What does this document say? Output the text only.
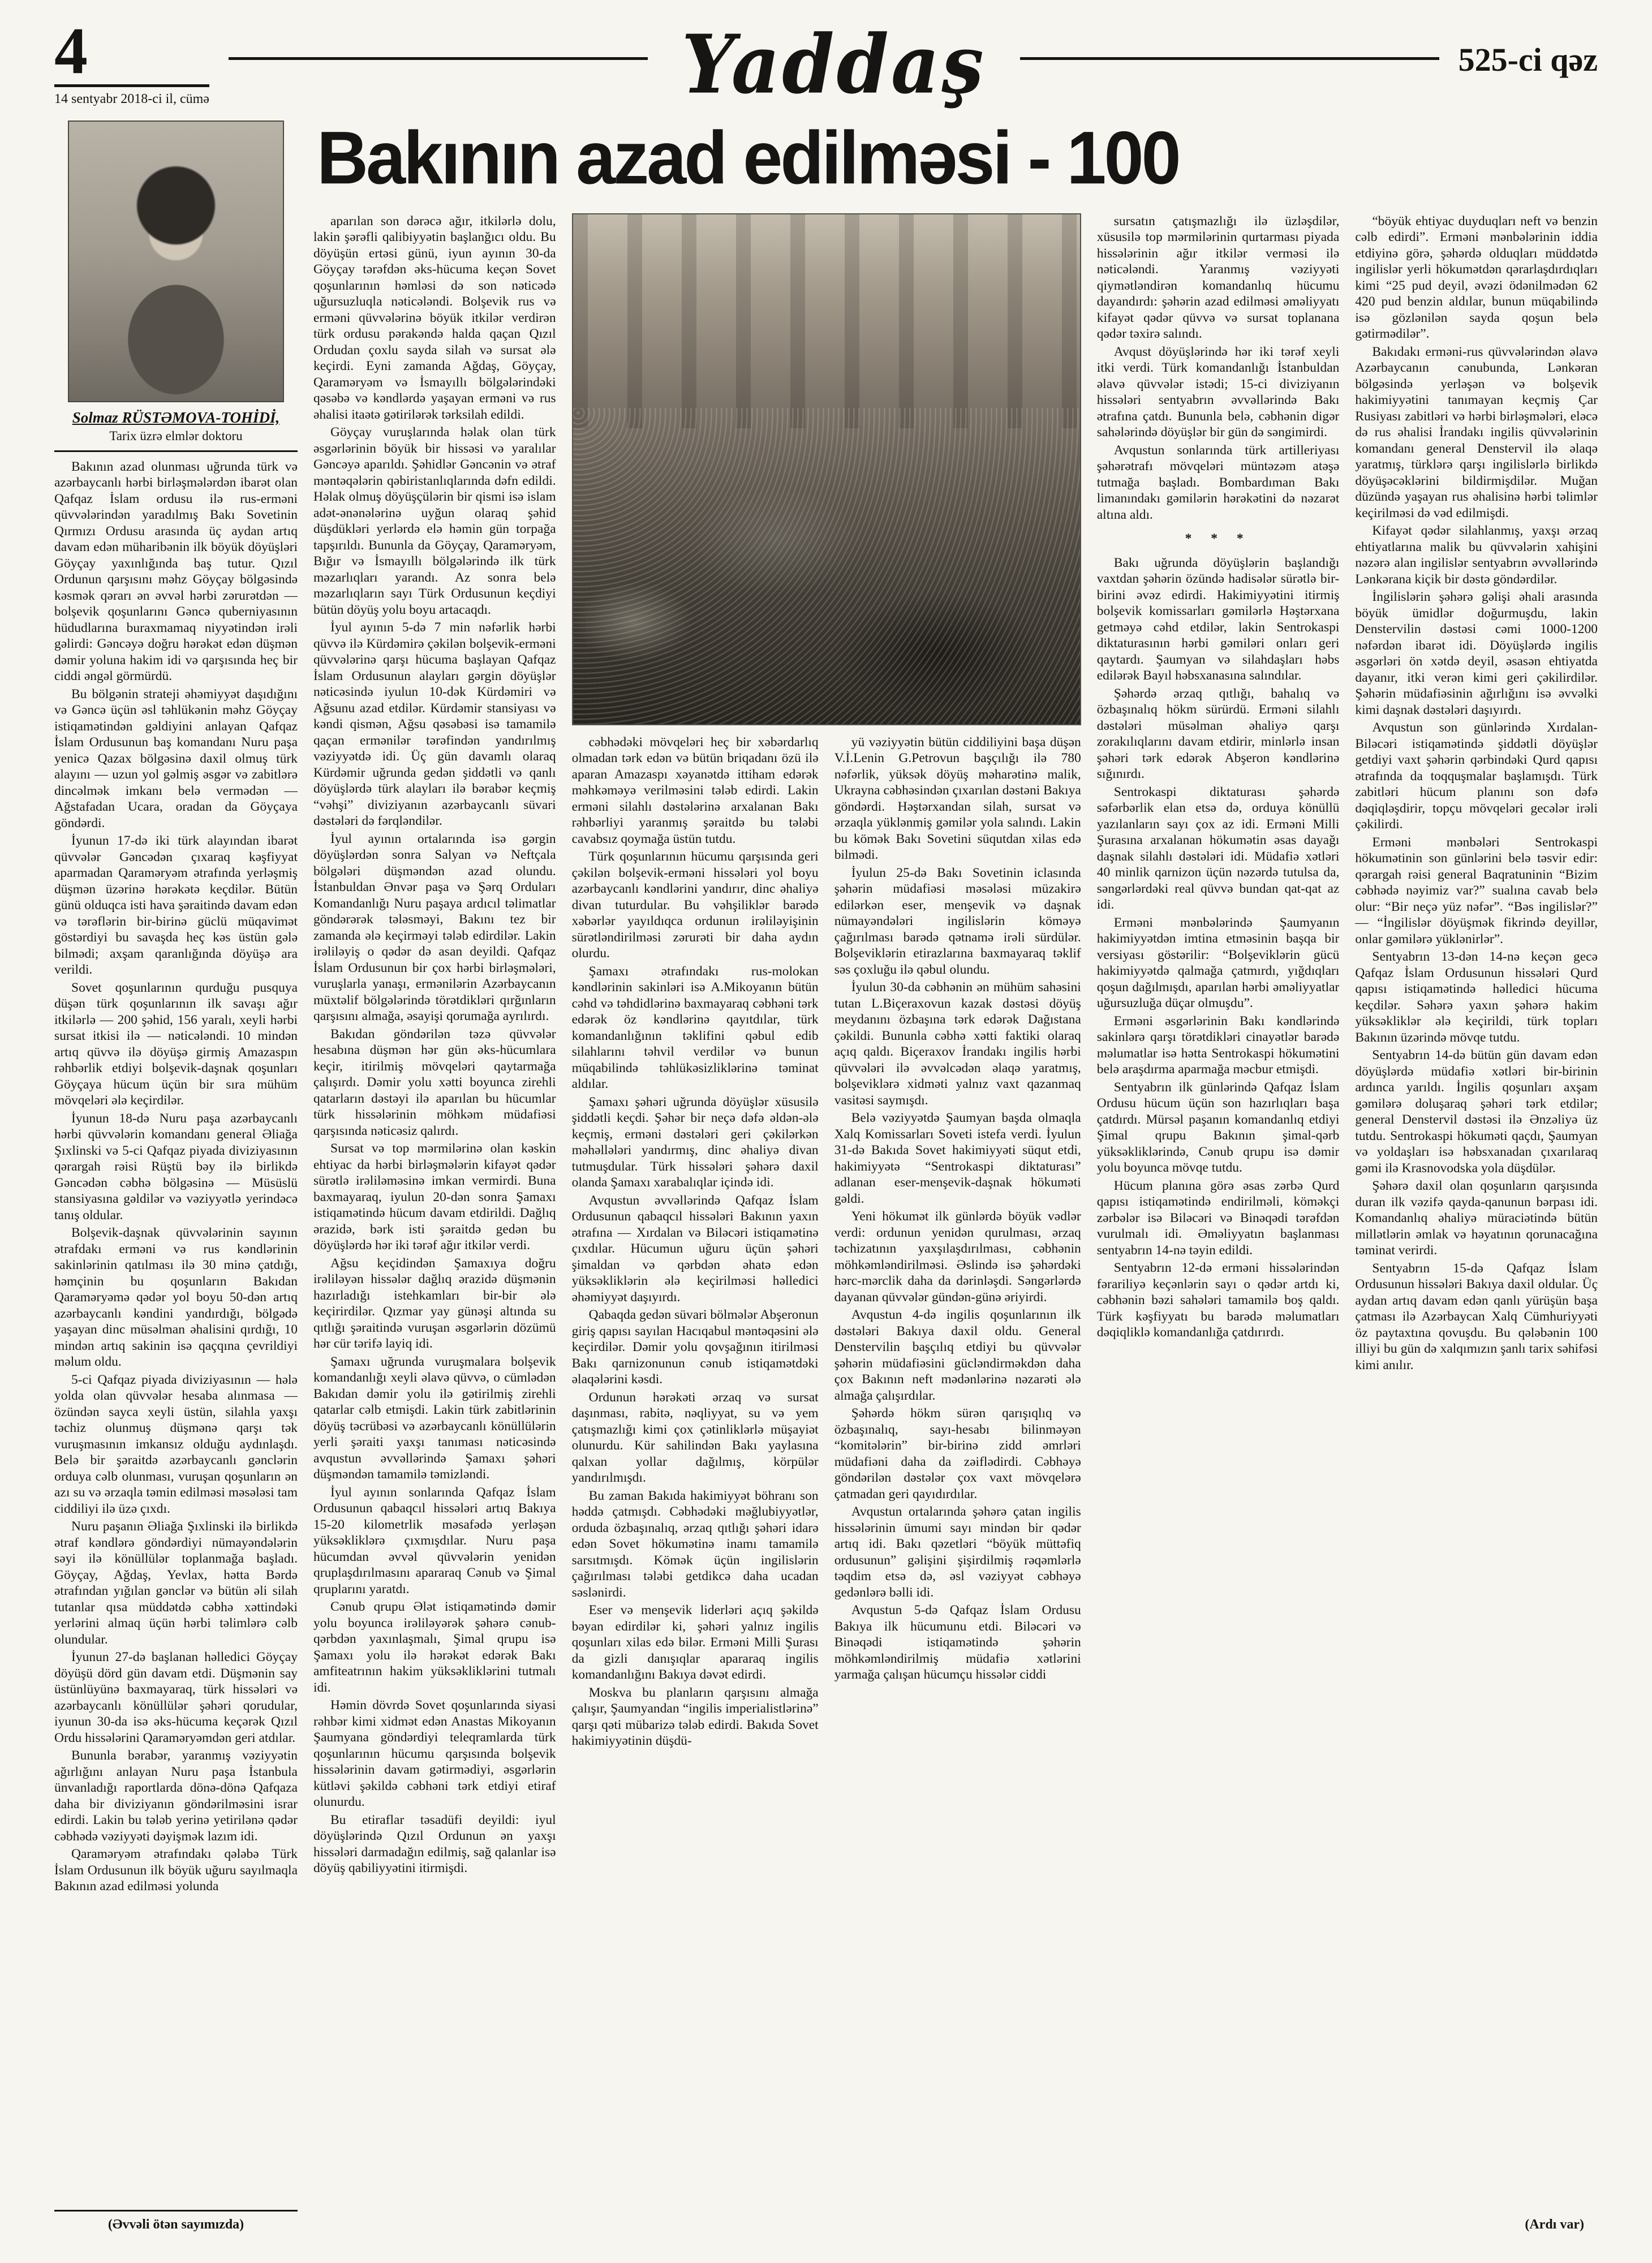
4
14 sentyabr 2018-ci il, cümə	Yaddaş	525-ci qəz
Solmaz RÜSTƏMOVA-TOHİDİ,
Tarix üzrə elmlər doktoru

Bakının azad olunması uğrunda türk və azərbaycanlı hərbi birləşmələrdən ibarət olan Qafqaz İslam ordusu ilə rus-erməni qüvvələrindən yaradılmış Bakı Sovetinin Qırmızı Ordusu arasında üç aydan artıq davam edən müharibənin ilk böyük döyüşləri Göyçay yaxınlığında baş tutur. Qızıl Ordunun qarşısını məhz Göyçay bölgəsində kəsmək qərarı ən əvvəl hərbi zərurətdən — bolşevik qoşunlarını Gəncə quberniyasının hüdudlarına buraxmamaq niyyətindən irəli gəlirdi: Gəncəyə doğru hərəkət edən düşmən dəmir yoluna hakim idi və qarşısında heç bir ciddi əngəl görmürdü.

Bu bölgənin strateji əhəmiyyət daşıdığını və Gəncə üçün əsl təhlükənin məhz Göyçay istiqamətindən gəldiyini anlayan Qafqaz İslam Ordusunun baş komandanı Nuru paşa yenicə Qazax bölgəsinə daxil olmuş türk alayını — uzun yol gəlmiş əsgər və zabitlərə dincəlmək imkanı belə vermədən — Ağstafadan Ucara, oradan da Göyçaya göndərdi.

İyunun 17-də iki türk alayından ibarət qüvvələr Gəncədən çıxaraq kəşfiyyat aparmadan Qaraməryəm ətrafında yerləşmiş düşmən üzərinə hərəkətə keçdilər. Bütün günü olduqca isti hava şəraitində davam edən və tərəflərin bir-birinə güclü müqavimət göstərdiyi bu savaşda heç kəs üstün gələ bilmədi; axşam qaranlığında döyüşə ara verildi.

Sovet qoşunlarının qurduğu pusquya düşən türk qoşunlarının ilk savaşı ağır itkilərlə — 200 şəhid, 156 yaralı, xeyli hərbi sursat itkisi ilə — nəticələndi. 10 mindən artıq qüvvə ilə döyüşə girmiş Amazaspın rəhbərlik etdiyi bolşevik-daşnak qoşunları Göyçaya hücum üçün bir sıra mühüm mövqeləri ələ keçirdilər.

İyunun 18-də Nuru paşa azərbaycanlı hərbi qüvvələrin komandanı general Əliağa Şıxlinski və 5-ci Qafqaz piyada diviziyasının qərargah rəisi Rüştü bəy ilə birlikdə Gəncədən cəbhə bölgəsinə — Müsüslü stansiyasına gəldilər və vəziyyətlə yerindəcə tanış oldular.

Bolşevik-daşnak qüvvələrinin sayının ətrafdakı erməni və rus kəndlərinin sakinlərinin qatılması ilə 30 minə çatdığı, həmçinin bu qoşunların Bakıdan Qaraməryəmə qədər yol boyu 50-dən artıq azərbaycanlı kəndini yandırdığı, bölgədə yaşayan dinc müsəlman əhalisini qırdığı, 10 mindən artıq sakinin isə qaçqına çevrildiyi məlum oldu.

5-ci Qafqaz piyada diviziyasının — hələ yolda olan qüvvələr hesaba alınmasa — özündən sayca xeyli üstün, silahla yaxşı təchiz olunmuş düşmənə qarşı tək vuruşmasının imkansız olduğu aydınlaşdı. Belə bir şəraitdə azərbaycanlı gənclərin orduya cəlb olunması, vuruşan qoşunların ən azı su və ərzaqla təmin edilməsi məsələsi tam ciddiliyi ilə üzə çıxdı.

Nuru paşanın Əliağa Şıxlinski ilə birlikdə ətraf kəndlərə göndərdiyi nümayəndələrin səyi ilə könüllülər toplanmağa başladı. Göyçay, Ağdaş, Yevlax, hətta Bərdə ətrafından yığılan gənclər və bütün əli silah tutanlar qısa müddətdə cəbhə xəttindəki yerlərini almaq üçün hərbi təlimlərə cəlb olundular.

İyunun 27-də başlanan həlledici Göyçay döyüşü dörd gün davam etdi. Düşmənin say üstünlüyünə baxmayaraq, türk hissələri və azərbaycanlı könüllülər şəhəri qorudular, iyunun 30-da isə əks-hücuma keçərək Qızıl Ordu hissələrini Qaraməryəmdən geri atdılar.

Bununla bərabər, yaranmış vəziyyətin ağırlığını anlayan Nuru paşa İstanbula ünvanladığı raportlarda dönə-dönə Qafqaza daha bir diviziyanın göndərilməsini israr edirdi. Lakin bu tələb yerinə yetirilənə qədər cəbhədə vəziyyəti dəyişmək lazım idi.

Qaraməryəm ətrafındakı qələbə Türk İslam Ordusunun ilk böyük uğuru sayılmaqla Bakının azad edilməsi yolunda

(Əvvəli ötən sayımızda)
Bakının azad edilməsi - 100

aparılan son dərəcə ağır, itkilərlə dolu, lakin şərəfli qalibiyyətin başlanğıcı oldu. Bu döyüşün ertəsi günü, iyun ayının 30-da Göyçay tərəfdən əks-hücuma keçən Sovet qoşunlarının həmləsi də son nəticədə uğursuzluqla nəticələndi. Bolşevik rus və erməni qüvvələrinə böyük itkilər verdirən türk ordusu pərakəndə halda qaçan Qızıl Ordudan çoxlu sayda silah və sursat ələ keçirdi. Eyni zamanda Ağdaş, Göyçay, Qaraməryəm və İsmayıllı bölgələrindəki qəsəbə və kəndlərdə yaşayan erməni və rus əhalisi itaətə gətirilərək tərksilah edildi.

Göyçay vuruşlarında həlak olan türk əsgərlərinin böyük bir hissəsi və yaralılar Gəncəyə aparıldı. Şəhidlər Gəncənin və ətraf məntəqələrin qəbiristanlıqlarında dəfn edildi. Həlak olmuş döyüşçülərin bir qismi isə islam adət-ənənələrinə uyğun olaraq şəhid düşdükləri yerlərdə elə həmin gün torpağa tapşırıldı. Bununla da Göyçay, Qaraməryəm, Bığır və İsmayıllı bölgələrində ilk türk məzarlıqları yarandı. Az sonra belə məzarlıqların sayı Türk Ordusunun keçdiyi bütün döyüş yolu boyu artacaqdı.

İyul ayının 5-də 7 min nəfərlik hərbi qüvvə ilə Kürdəmirə çəkilən bolşevik-erməni qüvvələrinə qarşı hücuma başlayan Qafqaz İslam Ordusunun alayları gərgin döyüşlər nəticəsində iyulun 10-dək Kürdəmiri və Ağsunu azad etdilər. Kürdəmir stansiyası və kəndi qismən, Ağsu qəsəbəsi isə tamamilə qaçan ermənilər tərəfindən yandırılmış vəziyyətdə idi. Üç gün davamlı olaraq Kürdəmir uğrunda gedən şiddətli və qanlı döyüşlərdə türk alayları ilə bərabər keçmiş “vəhşi” diviziyanın azərbaycanlı süvari dəstələri də fərqləndilər.

İyul ayının ortalarında isə gərgin döyüşlərdən sonra Salyan və Neftçala bölgələri düşməndən azad olundu. İstanbuldan Ənvər paşa və Şərq Orduları Komandanlığı Nuru paşaya ardıcıl təlimatlar göndərərək tələsməyi, Bakını tez bir zamanda ələ keçirməyi tələb edirdilər. Lakin irəliləyiş o qədər də asan deyildi. Qafqaz İslam Ordusunun bir çox hərbi birləşmələri, vuruşlarla yanaşı, ermənilərin Azərbaycanın müxtəlif bölgələrində törətdikləri qırğınların qarşısını almağa, əsayişi qorumağa ayrılırdı.

Bakıdan göndərilən təzə qüvvələr hesabına düşmən hər gün əks-hücumlara keçir, itirilmiş mövqeləri qaytarmağa çalışırdı. Dəmir yolu xətti boyunca zirehli qatarların dəstəyi ilə aparılan bu hücumlar türk hissələrinin möhkəm müdafiəsi qarşısında nəticəsiz qalırdı.

Sursat və top mərmilərinə olan kəskin ehtiyac da hərbi birləşmələrin kifayət qədər sürətlə irəliləməsinə imkan vermirdi. Buna baxmayaraq, iyulun 20-dən sonra Şamaxı istiqamətində hücum davam etdirildi. Dağlıq ərazidə, bərk isti şəraitdə gedən bu döyüşlərdə hər iki tərəf ağır itkilər verdi.

Ağsu keçidindən Şamaxıya doğru irəliləyən hissələr dağlıq ərazidə düşmənin hazırladığı istehkamları bir-bir ələ keçirirdilər. Qızmar yay günəşi altında su qıtlığı şəraitində vuruşan əsgərlərin dözümü hər cür tərifə layiq idi.

Şamaxı uğrunda vuruşmalara bolşevik komandanlığı xeyli əlavə qüvvə, o cümlədən Bakıdan dəmir yolu ilə gətirilmiş zirehli qatarlar cəlb etmişdi. Lakin türk zabitlərinin döyüş təcrübəsi və azərbaycanlı könüllülərin yerli şəraiti yaxşı tanıması nəticəsində avqustun əvvəllərində Şamaxı şəhəri düşməndən tamamilə təmizləndi.

İyul ayının sonlarında Qafqaz İslam Ordusunun qabaqcıl hissələri artıq Bakıya 15-20 kilometrlik məsafədə yerləşən yüksəkliklərə çıxmışdılar. Nuru paşa hücumdan əvvəl qüvvələrin yenidən qruplaşdırılmasını apararaq Cənub və Şimal qruplarını yaratdı.

Cənub qrupu Ələt istiqamətində dəmir yolu boyunca irəliləyərək şəhərə cənub-qərbdən yaxınlaşmalı, Şimal qrupu isə Şamaxı yolu ilə hərəkət edərək Bakı amfiteatrının hakim yüksəkliklərini tutmalı idi.

Həmin dövrdə Sovet qoşunlarında siyasi rəhbər kimi xidmət edən Anastas Mikoyanın Şaumyana göndərdiyi teleqramlarda türk qoşunlarının hücumu qarşısında bolşevik hissələrinin davam gətirmədiyi, əsgərlərin kütləvi şəkildə cəbhəni tərk etdiyi etiraf olunurdu.

Bu etiraflar təsadüfi deyildi: iyul döyüşlərində Qızıl Ordunun ən yaxşı hissələri darmadağın edilmiş, sağ qalanlar isə döyüş qabiliyyətini itirmişdi.

cəbhədəki mövqeləri heç bir xəbərdarlıq olmadan tərk edən və bütün briqadanı özü ilə aparan Amazaspı xəyanətdə ittiham edərək məhkəməyə verilməsini tələb edirdi. Lakin erməni silahlı dəstələrinə arxalanan Bakı rəhbərliyi yaranmış şəraitdə bu tələbi cavabsız qoymağa üstün tutdu.

Türk qoşunlarının hücumu qarşısında geri çəkilən bolşevik-erməni hissələri yol boyu azərbaycanlı kəndlərini yandırır, dinc əhaliyə divan tuturdular. Bu vəhşiliklər barədə xəbərlər yayıldıqca ordunun irəliləyişinin sürətləndirilməsi zərurəti bir daha aydın olurdu.

Şamaxı ətrafındakı rus-molokan kəndlərinin sakinləri isə A.Mikoyanın bütün cəhd və təhdidlərinə baxmayaraq cəbhəni tərk edərək öz kəndlərinə qayıtdılar, türk komandanlığının təklifini qəbul edib silahlarını təhvil verdilər və bunun müqabilində təhlükəsizliklərinə təminat aldılar.

Şamaxı şəhəri uğrunda döyüşlər xüsusilə şiddətli keçdi. Şəhər bir neçə dəfə əldən-ələ keçmiş, erməni dəstələri geri çəkilərkən məhəllələri yandırmış, dinc əhaliyə divan tutmuşdular. Türk hissələri şəhərə daxil olanda Şamaxı xarabalıqlar içində idi.

Avqustun əvvəllərində Qafqaz İslam Ordusunun qabaqcıl hissələri Bakının yaxın ətrafına — Xırdalan və Biləcəri istiqamətinə çıxdılar. Hücumun uğuru üçün şəhəri şimaldan və qərbdən əhatə edən yüksəkliklərin ələ keçirilməsi həlledici əhəmiyyət daşıyırdı.

Qabaqda gedən süvari bölmələr Abşeronun giriş qapısı sayılan Hacıqabul məntəqəsini ələ keçirdilər. Dəmir yolu qovşağının itirilməsi Bakı qarnizonunun cənub istiqamətdəki əlaqələrini kəsdi.

Ordunun hərəkəti ərzaq və sursat daşınması, rabitə, nəqliyyat, su və yem çatışmazlığı kimi çox çətinliklərlə müşayiət olunurdu. Kür sahilindən Bakı yaylasına qalxan yollar dağılmış, körpülər yandırılmışdı.

Bu zaman Bakıda hakimiyyət böhranı son həddə çatmışdı. Cəbhədəki məğlubiyyətlər, orduda özbaşınalıq, ərzaq qıtlığı şəhəri idarə edən Sovet hökumətinə inamı tamamilə sarsıtmışdı. Kömək üçün ingilislərin çağırılması tələbi getdikcə daha ucadan səslənirdi.

Eser və menşevik liderləri açıq şəkildə bəyan edirdilər ki, şəhəri yalnız ingilis qoşunları xilas edə bilər. Erməni Milli Şurası da gizli danışıqlar apararaq ingilis komandanlığını Bakıya dəvət edirdi.

Moskva bu planların qarşısını almağa çalışır, Şaumyandan “ingilis imperialistlərinə” qarşı qəti mübarizə tələb edirdi. Bakıda Sovet hakimiyyətinin düşdü-

yü vəziyyətin bütün ciddiliyini başa düşən V.İ.Lenin G.Petrovun başçılığı ilə 780 nəfərlik, yüksək döyüş məharətinə malik, Ukrayna cəbhəsindən çıxarılan dəstəni Bakıya göndərdi. Həştərxandan silah, sursat və ərzaqla yüklənmiş gəmilər yola salındı. Lakin bu kömək Bakı Sovetini süqutdan xilas edə bilmədi.

İyulun 25-də Bakı Sovetinin iclasında şəhərin müdafiəsi məsələsi müzakirə edilərkən eser, menşevik və daşnak nümayəndələri ingilislərin köməyə çağırılması barədə qətnamə irəli sürdülər. Bolşeviklərin etirazlarına baxmayaraq təklif səs çoxluğu ilə qəbul olundu.

İyulun 30-da cəbhənin ən mühüm sahəsini tutan L.Biçeraxovun kazak dəstəsi döyüş meydanını özbaşına tərk edərək Dağıstana çəkildi. Bununla cəbhə xətti faktiki olaraq açıq qaldı. Biçeraxov İrandakı ingilis hərbi qüvvələri ilə əvvəlcədən əlaqə yaratmış, bolşeviklərə xidməti yalnız vaxt qazanmaq vasitəsi saymışdı.

Belə vəziyyətdə Şaumyan başda olmaqla Xalq Komissarları Soveti istefa verdi. İyulun 31-də Bakıda Sovet hakimiyyəti süqut etdi, hakimiyyətə “Sentrokaspi diktaturası” adlanan eser-menşevik-daşnak hökuməti gəldi.

Yeni hökumət ilk günlərdə böyük vədlər verdi: ordunun yenidən qurulması, ərzaq təchizatının yaxşılaşdırılması, cəbhənin möhkəmləndirilməsi. Əslində isə şəhərdəki hərc-mərclik daha da dərinləşdi. Səngərlərdə dayanan qüvvələr gündən-günə əriyirdi.

Avqustun 4-də ingilis qoşunlarının ilk dəstələri Bakıya daxil oldu. General Denstervilin başçılıq etdiyi bu qüvvələr şəhərin müdafiəsini gücləndirməkdən daha çox Bakının neft mədənlərinə nəzarəti ələ almağa çalışırdılar.

Şəhərdə hökm sürən qarışıqlıq və özbaşınalıq, sayı-hesabı bilinməyən “komitələrin” bir-birinə zidd əmrləri müdafiəni daha da zəiflədirdi. Cəbhəyə göndərilən dəstələr çox vaxt mövqelərə çatmadan geri qayıdırdılar.

Avqustun ortalarında şəhərə çatan ingilis hissələrinin ümumi sayı mindən bir qədər artıq idi. Bakı qəzetləri “böyük müttəfiq ordusunun” gəlişini şişirdilmiş rəqəmlərlə təqdim etsə də, əsl vəziyyət cəbhəyə gedənlərə bəlli idi.

Avqustun 5-də Qafqaz İslam Ordusu Bakıya ilk hücumunu etdi. Biləcəri və Binəqədi istiqamətində şəhərin möhkəmləndirilmiş müdafiə xətlərini yarmağa çalışan hücumçu hissələr ciddi

sursatın çatışmazlığı ilə üzləşdilər, xüsusilə top mərmilərinin qurtarması piyada hissələrinin ağır itkilər verməsi ilə nəticələndi. Yaranmış vəziyyəti qiymətləndirən komandanlıq hücumu dayandırdı: şəhərin azad edilməsi əməliyyatı kifayət qədər qüvvə və sursat toplanana qədər təxirə salındı.

Avqust döyüşlərində hər iki tərəf xeyli itki verdi. Türk komandanlığı İstanbuldan əlavə qüvvələr istədi; 15-ci diviziyanın hissələri sentyabrın əvvəllərində Bakı ətrafına çatdı. Bununla belə, cəbhənin digər sahələrində döyüşlər bir gün də səngimirdi.

Avqustun sonlarında türk artilleriyası şəhərətrafı mövqeləri müntəzəm atəşə tutmağa başladı. Bombardıman Bakı limanındakı gəmilərin hərəkətini də nəzarət altına aldı.

* * *

Bakı uğrunda döyüşlərin başlandığı vaxtdan şəhərin özündə hadisələr sürətlə bir-birini əvəz edirdi. Hakimiyyətini itirmiş bolşevik komissarları gəmilərlə Həştərxana getməyə cəhd etdilər, lakin Sentrokaspi diktaturasının hərbi gəmiləri onları geri qaytardı. Şaumyan və silahdaşları həbs edilərək Bayıl həbsxanasına salındılar.

Şəhərdə ərzaq qıtlığı, bahalıq və özbaşınalıq hökm sürürdü. Erməni silahlı dəstələri müsəlman əhaliyə qarşı zorakılıqlarını davam etdirir, minlərlə insan şəhəri tərk edərək Abşeron kəndlərinə sığınırdı.

Sentrokaspi diktaturası şəhərdə səfərbərlik elan etsə də, orduya könüllü yazılanların sayı çox az idi. Erməni Milli Şurasına arxalanan hökumətin əsas dayağı daşnak silahlı dəstələri idi. Müdafiə xətləri 40 minlik qarnizon üçün nəzərdə tutulsa da, səngərlərdəki real qüvvə bundan qat-qat az idi.

Erməni mənbələrində Şaumyanın hakimiyyətdən imtina etməsinin başqa bir versiyası göstərilir: “Bolşeviklərin gücü hakimiyyətdə qalmağa çatmırdı, yığdıqları qoşun dağılmışdı, aparılan hərbi əməliyyatlar uğursuzluğa düçar olmuşdu”.

Erməni əsgərlərinin Bakı kəndlərində sakinlərə qarşı törətdikləri cinayətlər barədə məlumatlar isə hətta Sentrokaspi hökumətini belə araşdırma aparmağa məcbur etmişdi.

Sentyabrın ilk günlərində Qafqaz İslam Ordusu hücum üçün son hazırlıqları başa çatdırdı. Mürsəl paşanın komandanlıq etdiyi Şimal qrupu Bakının şimal-qərb yüksəkliklərində, Cənub qrupu isə dəmir yolu boyunca mövqe tutdu.

Hücum planına görə əsas zərbə Qurd qapısı istiqamətində endirilməli, köməkçi zərbələr isə Biləcəri və Binəqədi tərəfdən vurulmalı idi. Əməliyyatın başlanması sentyabrın 14-nə təyin edildi.

Sentyabrın 12-də erməni hissələrindən fərariliyə keçənlərin sayı o qədər artdı ki, cəbhənin bəzi sahələri tamamilə boş qaldı. Türk kəşfiyyatı bu barədə məlumatları dəqiqliklə komandanlığa çatdırırdı.

“böyük ehtiyac duyduqları neft və benzin cəlb edirdi”. Erməni mənbələrinin iddia etdiyinə görə, şəhərdə olduqları müddətdə ingilislər yerli hökumətdən qərarlaşdırdıqları kimi “25 pud deyil, əvəzi ödənilmədən 62 420 pud benzin aldılar, bunun müqabilində isə gözlənilən sayda qoşun belə gətirmədilər”.

Bakıdakı erməni-rus qüvvələrindən əlavə Azərbaycanın cənubunda, Lənkəran bölgəsində yerləşən və bolşevik hakimiyyətini tanımayan keçmiş Çar Rusiyası zabitləri və hərbi birləşmələri, eləcə də rus əhalisi İrandakı ingilis qüvvələrinin komandanı general Denstervil ilə əlaqə yaratmış, türklərə qarşı ingilislərlə birlikdə döyüşəcəklərini bildirmişdilər. Muğan düzündə yaşayan rus əhalisinə hərbi təlimlər keçirilməsi də vəd edilmişdi.

Kifayət qədər silahlanmış, yaxşı ərzaq ehtiyatlarına malik bu qüvvələrin xahişini nəzərə alan ingilislər sentyabrın əvvəllərində Lənkərana kiçik bir dəstə göndərdilər.

İngilislərin şəhərə gəlişi əhali arasında böyük ümidlər doğurmuşdu, lakin Denstervilin dəstəsi cəmi 1000-1200 nəfərdən ibarət idi. Döyüşlərdə ingilis əsgərləri ön xətdə deyil, əsasən ehtiyatda dayanır, itki verən kimi geri çəkilirdilər. Şəhərin müdafiəsinin ağırlığını isə əvvəlki kimi daşnak dəstələri daşıyırdı.

Avqustun son günlərində Xırdalan-Biləcəri istiqamətində şiddətli döyüşlər getdiyi vaxt şəhərin qərbindəki Qurd qapısı ətrafında da toqquşmalar başlamışdı. Türk zabitləri hücum planını son dəfə dəqiqləşdirir, topçu mövqeləri gecələr irəli çəkilirdi.

Erməni mənbələri Sentrokaspi hökumətinin son günlərini belə təsvir edir: qərargah rəisi general Baqratuninin “Bizim cəbhədə nəyimiz var?” sualına cavab belə olur: “Bir neçə yüz nəfər”. “Bəs ingilislər?” — “İngilislər döyüşmək fikrində deyillər, onlar gəmilərə yüklənirlər”.

Sentyabrın 13-dən 14-nə keçən gecə Qafqaz İslam Ordusunun hissələri Qurd qapısı istiqamətində həlledici hücuma keçdilər. Səhərə yaxın şəhərə hakim yüksəkliklər ələ keçirildi, türk topları Bakının üzərində mövqe tutdu.

Sentyabrın 14-də bütün gün davam edən döyüşlərdə müdafiə xətləri bir-birinin ardınca yarıldı. İngilis qoşunları axşam gəmilərə doluşaraq şəhəri tərk etdilər; general Denstervil dəstəsi ilə Ənzəliyə üz tutdu. Sentrokaspi hökuməti qaçdı, Şaumyan və yoldaşları isə həbsxanadan çıxarılaraq gəmi ilə Krasnovodska yola düşdülər.

Şəhərə daxil olan qoşunların qarşısında duran ilk vəzifə qayda-qanunun bərpası idi. Komandanlıq əhaliyə müraciətində bütün millətlərin əmlak və həyatının qorunacağına təminat verirdi.

Sentyabrın 15-də Qafqaz İslam Ordusunun hissələri Bakıya daxil oldular. Üç aydan artıq davam edən qanlı yürüşün başa çatması ilə Azərbaycan Xalq Cümhuriyyəti öz paytaxtına qovuşdu. Bu qələbənin 100 illiyi bu gün də xalqımızın şanlı tarix səhifəsi kimi anılır.

(Ardı var)
